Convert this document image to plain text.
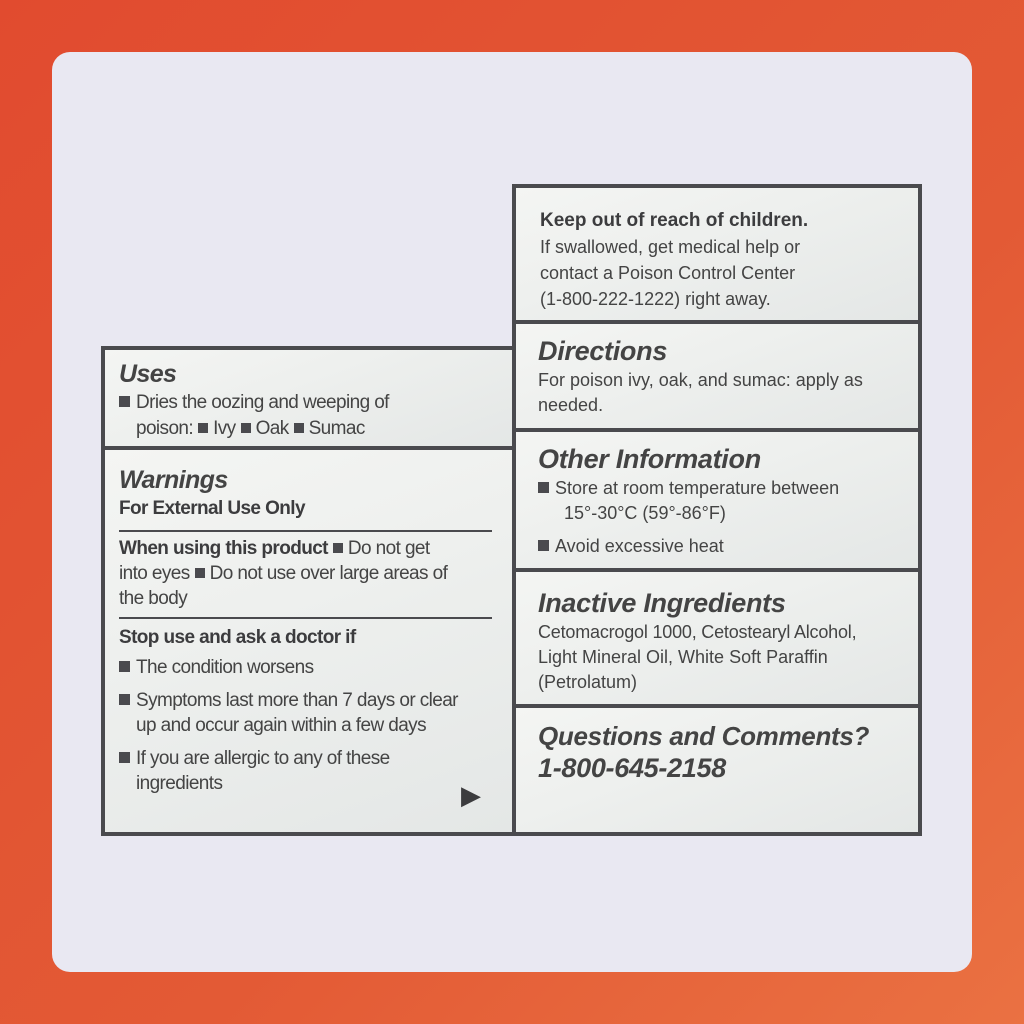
Keep out of reach of children.
If swallowed, get medical help or
contact a Poison Control Center
(1-800-222-1222) right away.
Directions
For poison ivy, oak, and sumac: apply as
needed.
Other Information
Store at room temperature between
15°-30°C (59°-86°F)
Avoid excessive heat
Inactive Ingredients
Cetomacrogol 1000, Cetostearyl Alcohol,
Light Mineral Oil, White Soft Paraffin
(Petrolatum)
Questions and Comments?
1-800-645-2158
Uses
Dries the oozing and weeping of
poison: Ivy Oak Sumac
Warnings
For External Use Only
When using this product Do not get
into eyes Do not use over large areas of
the body
Stop use and ask a doctor if
The condition worsens
Symptoms last more than 7 days or clear
up and occur again within a few days
If you are allergic to any of these
ingredients	▶
